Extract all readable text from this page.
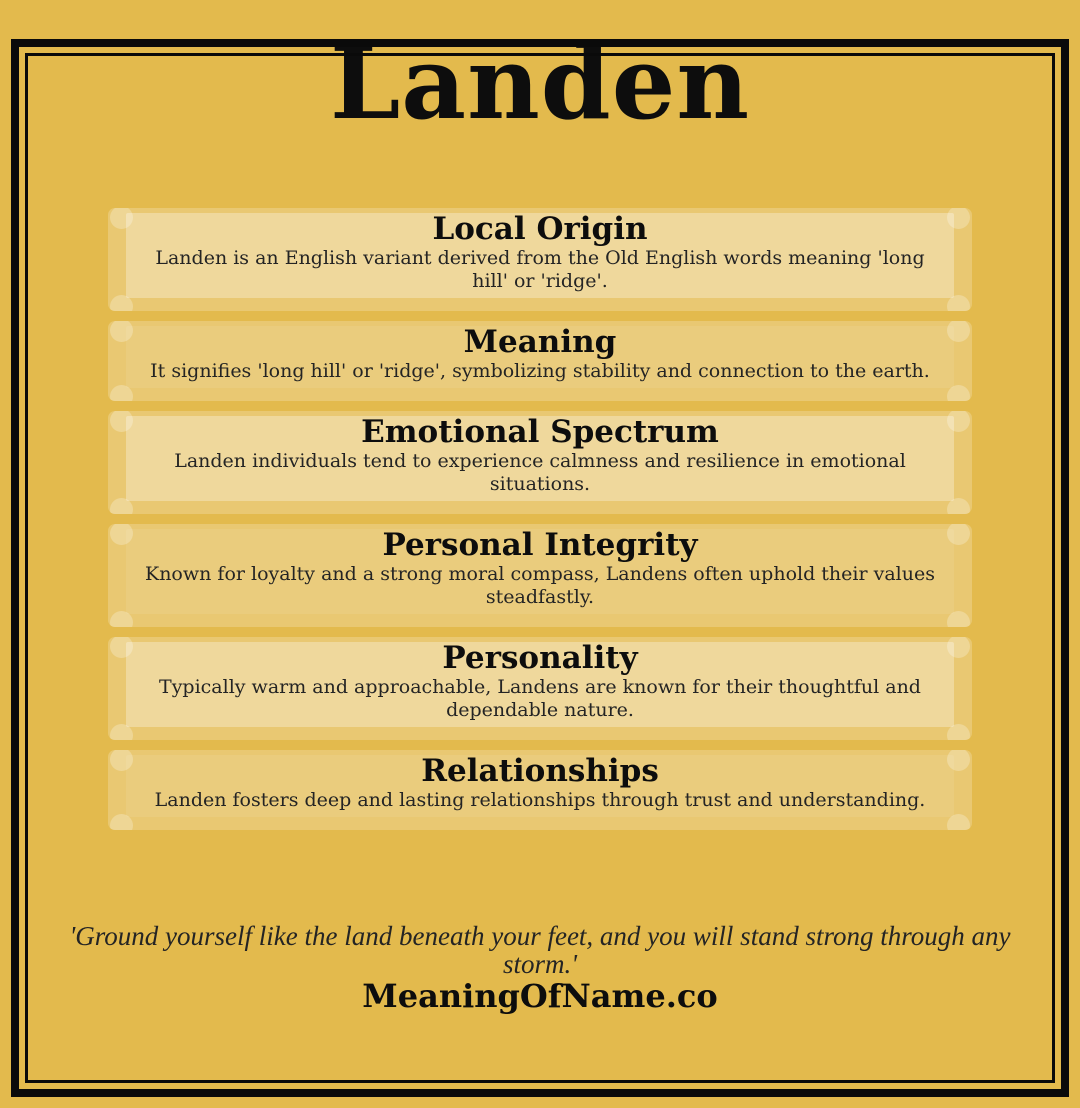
Landen
Local Origin

Landen is an English variant derived from the Old English words meaning 'long hill' or 'ridge'.

Meaning

It signifies 'long hill' or 'ridge', symbolizing stability and connection to the earth.

Emotional Spectrum

Landen individuals tend to experience calmness and resilience in emotional situations.

Personal Integrity

Known for loyalty and a strong moral compass, Landens often uphold their values steadfastly.

Personality

Typically warm and approachable, Landens are known for their thoughtful and dependable nature.

Relationships

Landen fosters deep and lasting relationships through trust and understanding.

'Ground yourself like the land beneath your feet, and you will stand strong through any storm.'

MeaningOfName.co
